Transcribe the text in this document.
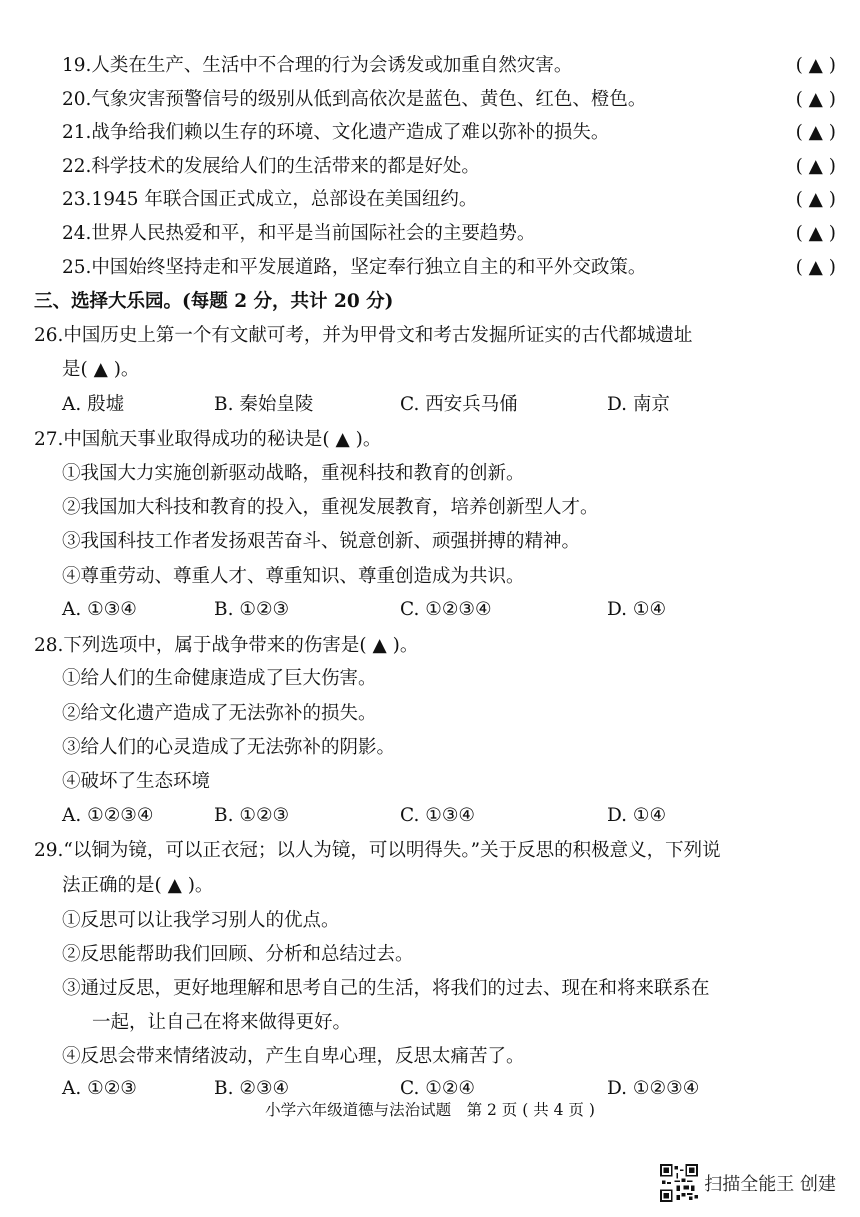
19.人类在生产、生活中不合理的行为会诱发或加重自然灾害。	( ▲ )
20.气象灾害预警信号的级别从低到高依次是蓝色、黄色、红色、橙色。	( ▲ )
21.战争给我们赖以生存的环境、文化遗产造成了难以弥补的损失。	( ▲ )
22.科学技术的发展给人们的生活带来的都是好处。	( ▲ )
23.1945 年联合国正式成立，总部设在美国纽约。	( ▲ )
24.世界人民热爱和平，和平是当前国际社会的主要趋势。	( ▲ )
25.中国始终坚持走和平发展道路，坚定奉行独立自主的和平外交政策。	( ▲ )
三、选择大乐园。(每题 2 分，共计 20 分)
26.中国历史上第一个有文献可考，并为甲骨文和考古发掘所证实的古代都城遗址
是( ▲ )。
A. 殷墟	B. 秦始皇陵	C. 西安兵马俑	D. 南京
27.中国航天事业取得成功的秘诀是( ▲ )。
①我国大力实施创新驱动战略，重视科技和教育的创新。
②我国加大科技和教育的投入，重视发展教育，培养创新型人才。
③我国科技工作者发扬艰苦奋斗、锐意创新、顽强拼搏的精神。
④尊重劳动、尊重人才、尊重知识、尊重创造成为共识。
A. ①③④	B. ①②③	C. ①②③④	D. ①④
28.下列选项中，属于战争带来的伤害是( ▲ )。
①给人们的生命健康造成了巨大伤害。
②给文化遗产造成了无法弥补的损失。
③给人们的心灵造成了无法弥补的阴影。
④破坏了生态环境
A. ①②③④	B. ①②③	C. ①③④	D. ①④
29.“以铜为镜，可以正衣冠；以人为镜，可以明得失。”关于反思的积极意义，下列说
法正确的是( ▲ )。
①反思可以让我学习别人的优点。
②反思能帮助我们回顾、分析和总结过去。
③通过反思，更好地理解和思考自己的生活，将我们的过去、现在和将来联系在
一起，让自己在将来做得更好。
④反思会带来情绪波动，产生自卑心理，反思太痛苦了。
A. ①②③	B. ②③④	C. ①②④	D. ①②③④
小学六年级道德与法治试题　第 2 页 ( 共 4 页 )
扫描全能王 创建
